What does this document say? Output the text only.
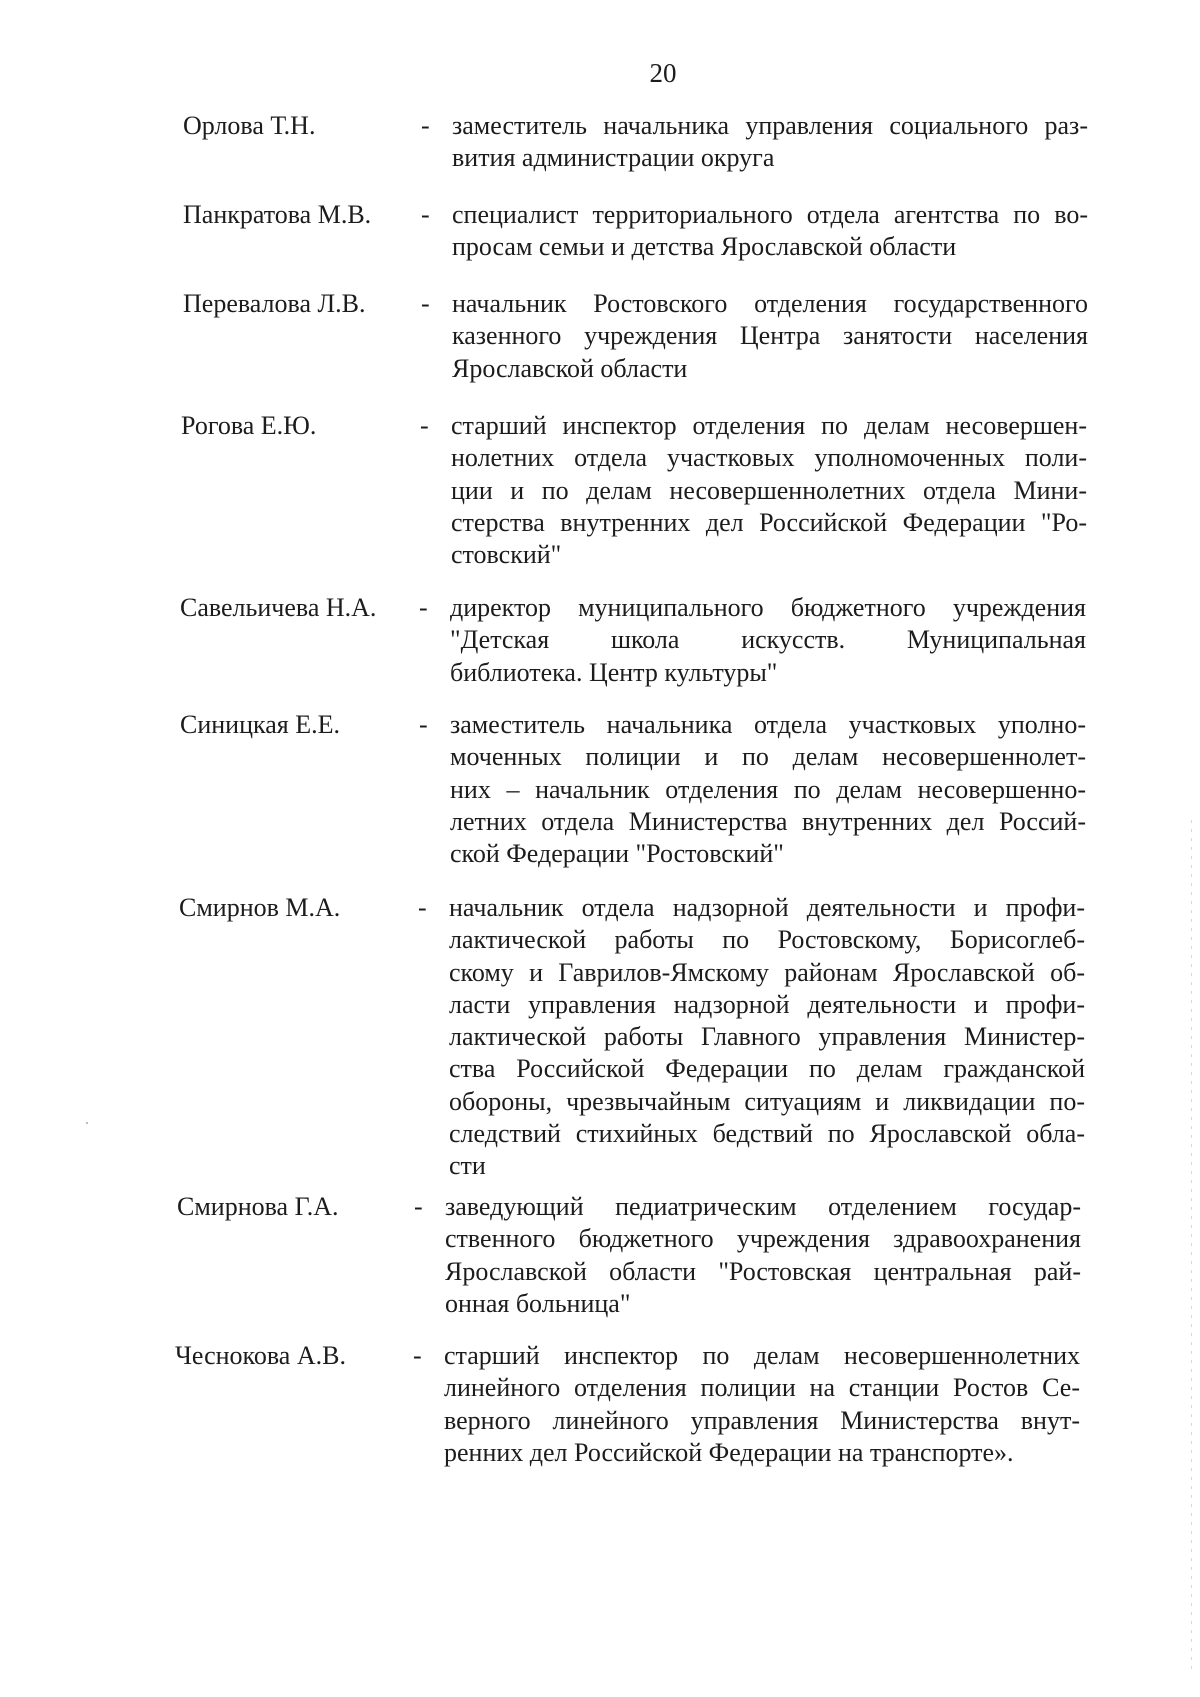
20
Орлова Т.Н.	- заместитель начальника управления социального раз-
вития администрации округа
Панкратова М.В. - специалист территориального отдела агентства по во-
просам семьи и детства Ярославской области
Перевалова Л.В. - начальник Ростовского отделения государственного
казенного учреждения Центра занятости населения
Ярославской области
Рогова Е.Ю.	- старший инспектор отделения по делам несовершен-
нолетних отдела участковых уполномоченных поли-
ции и по делам несовершеннолетних отдела Мини-
стерства внутренних дел Российской Федерации "Ро-
стовский"
Савельичева Н.А. - директор муниципального бюджетного учреждения
"Детская школа искусств. Муниципальная
библиотека. Центр культуры"
Синицкая Е.Е.	- заместитель начальника отдела участковых уполно-
моченных полиции и по делам несовершеннолет-
них – начальник отделения по делам несовершенно-
летних отдела Министерства внутренних дел Россий-
ской Федерации "Ростовский"
Смирнов М.А.	- начальник отдела надзорной деятельности и профи-
лактической работы по Ростовскому, Борисоглеб-
скому и Гаврилов-Ямскому районам Ярославской об-
ласти управления надзорной деятельности и профи-
лактической работы Главного управления Министер-
ства Российской Федерации по делам гражданской
обороны, чрезвычайным ситуациям и ликвидации по-
следствий стихийных бедствий по Ярославской обла-
сти
Смирнова Г.А.	- заведующий педиатрическим отделением государ-
ственного бюджетного учреждения здравоохранения
Ярославской области "Ростовская центральная рай-
онная больница"
Чеснокова А.В.	- старший инспектор по делам несовершеннолетних
линейного отделения полиции на станции Ростов Се-
верного линейного управления Министерства внут-
ренних дел Российской Федерации на транспорте».
